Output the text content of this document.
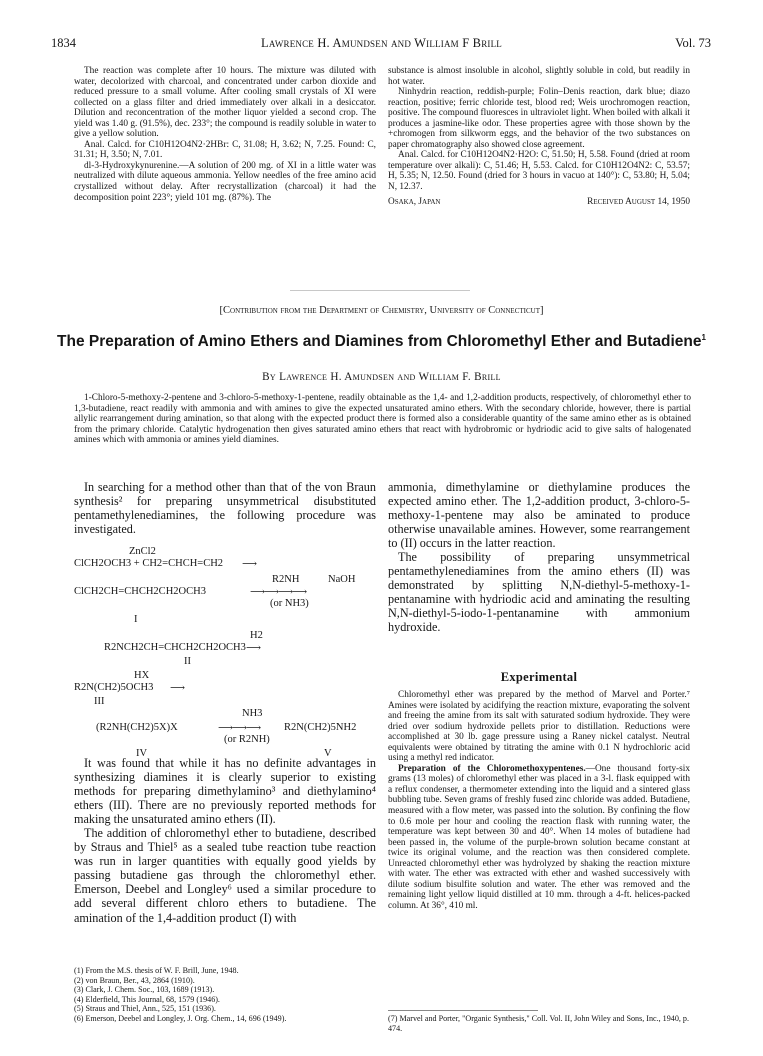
1834	Lawrence H. Amundsen and William F Brill	Vol. 73

The reaction was complete after 10 hours. The mixture was diluted with water, decolorized with charcoal, and concentrated under carbon dioxide and reduced pressure to a small volume. After cooling small crystals of XI were collected on a glass filter and dried immediately over alkali in a desiccator. Dilution and reconcentration of the mother liquor yielded a second crop. The yield was 1.40 g. (91.5%), dec. 233°; the compound is readily soluble in water to give a yellow solution.

Anal. Calcd. for C10H12O4N2·2HBr: C, 31.08; H, 3.62; N, 7.25. Found: C, 31.31; H, 3.50; N, 7.01.

dl-3-Hydroxykynurenine.—A solution of 200 mg. of XI in a little water was neutralized with dilute aqueous ammonia. Yellow needles of the free amino acid crystallized without delay. After recrystallization (charcoal) it had the decomposition point 223°; yield 101 mg. (87%). The

substance is almost insoluble in alcohol, slightly soluble in cold, but readily in hot water.

Ninhydrin reaction, reddish-purple; Folin–Denis reaction, dark blue; diazo reaction, positive; ferric chloride test, blood red; Weis urochromogen reaction, positive. The compound fluoresces in ultraviolet light. When boiled with alkali it produces a jasmine-like odor. These properties agree with those shown by the +chromogen from silkworm eggs, and the behavior of the two substances on paper chromatography also showed close agreement.

Anal. Calcd. for C10H12O4N2·H2O: C, 51.50; H, 5.58. Found (dried at room temperature over alkali): C, 51.46; H, 5.53. Calcd. for C10H12O4N2: C, 53.57; H, 5.35; N, 12.50. Found (dried for 3 hours in vacuo at 140°): C, 53.80; H, 5.04; N, 12.37.

Osaka, Japan	Received August 14, 1950
[Contribution from the Department of Chemistry, University of Connecticut]
The Preparation of Amino Ethers and Diamines from Chloromethyl Ether and Butadiene$^1$
By Lawrence H. Amundsen and William F. Brill

1-Chloro-5-methoxy-2-pentene and 3-chloro-5-methoxy-1-pentene, readily obtainable as the 1,4- and 1,2-addition products, respectively, of chloromethyl ether to 1,3-butadiene, react readily with ammonia and with amines to give the expected unsaturated amino ethers. With the secondary chloride, however, there is partial allylic rearrangement during amination, so that along with the expected product there is formed also a considerable quantity of the same amino ether as is obtained from the primary chloride. Catalytic hydrogenation then gives saturated amino ethers that react with hydrobromic or hydriodic acid to give salts of halogenated amines which with ammonia or amines yield diamines.

In searching for a method other than that of the von Braun synthesis² for preparing unsymmetrical disubstituted pentamethylenediamines, the following procedure was investigated.

ZnCl2
ClCH2OCH3 + CH2=CHCH=CH2 ⟶
R2NH	NaOH
ClCH2CH=CHCH2CH2OCH3	⟶⟶⟶⟶
(or NH3)
I
H2
R2NCH2CH=CHCH2CH2OCH3 ⟶
II
HX
R2N(CH2)5OCH3 ⟶
III
NH3
(R2NH(CH2)5X)X	⟶⟶⟶ R2N(CH2)5NH2
(or R2NH)
IV	V

It was found that while it has no definite advantages in synthesizing diamines it is clearly superior to existing methods for preparing dimethylamino³ and diethylamino⁴ ethers (III). There are no previously reported methods for making the unsaturated amino ethers (II).

The addition of chloromethyl ether to butadiene, described by Straus and Thiel⁵ as a sealed tube reaction tube reaction was run in larger quantities with equally good yields by passing butadiene gas through the chloromethyl ether. Emerson, Deebel and Longley⁶ used a similar procedure to add several different chloro ethers to butadiene. The amination of the 1,4-addition product (I) with

(1) From the M.S. thesis of W. F. Brill, June, 1948.
(2) von Braun, Ber., 43, 2864 (1910).
(3) Clark, J. Chem. Soc., 103, 1689 (1913).
(4) Elderfield, This Journal, 68, 1579 (1946).
(5) Straus and Thiel, Ann., 525, 151 (1936).
(6) Emerson, Deebel and Longley, J. Org. Chem., 14, 696 (1949).

ammonia, dimethylamine or diethylamine produces the expected amino ether. The 1,2-addition product, 3-chloro-5-methoxy-1-pentene may also be aminated to produce otherwise unavailable amines. However, some rearrangement to (II) occurs in the latter reaction.

The possibility of preparing unsymmetrical pentamethylenediamines from the amino ethers (II) was demonstrated by splitting N,N-diethyl-5-methoxy-1-pentanamine with hydriodic acid and aminating the resulting N,N-diethyl-5-iodo-1-pentanamine with ammonium hydroxide.

Experimental

Chloromethyl ether was prepared by the method of Marvel and Porter.⁷ Amines were isolated by acidifying the reaction mixture, evaporating the solvent and freeing the amine from its salt with saturated sodium hydroxide. They were dried over sodium hydroxide pellets prior to distillation. Reductions were accomplished at 30 lb. gage pressure using a Raney nickel catalyst. Neutral equivalents were obtained by titrating the amine with 0.1 N hydrochloric acid using a methyl red indicator.

Preparation of the Chloromethoxypentenes.—One thousand forty-six grams (13 moles) of chloromethyl ether was placed in a 3-l. flask equipped with a reflux condenser, a thermometer extending into the liquid and a sintered glass bubbling tube. Seven grams of freshly fused zinc chloride was added. Butadiene, measured with a flow meter, was passed into the solution. By confining the flow to 0.6 mole per hour and cooling the reaction flask with running water, the temperature was kept between 30 and 40°. When 14 moles of butadiene had been passed in, the volume of the purple-brown solution became constant at twice its original volume, and the reaction was then considered complete. Unreacted chloromethyl ether was hydrolyzed by shaking the reaction mixture with water. The ether was extracted with ether and washed successively with dilute sodium bisulfite solution and water. The ether was removed and the remaining light yellow liquid distilled at 10 mm. through a 4-ft. helices-packed column. At 36°, 410 ml.

(7) Marvel and Porter, "Organic Synthesis," Coll. Vol. II, John Wiley and Sons, Inc., 1940, p. 474.
